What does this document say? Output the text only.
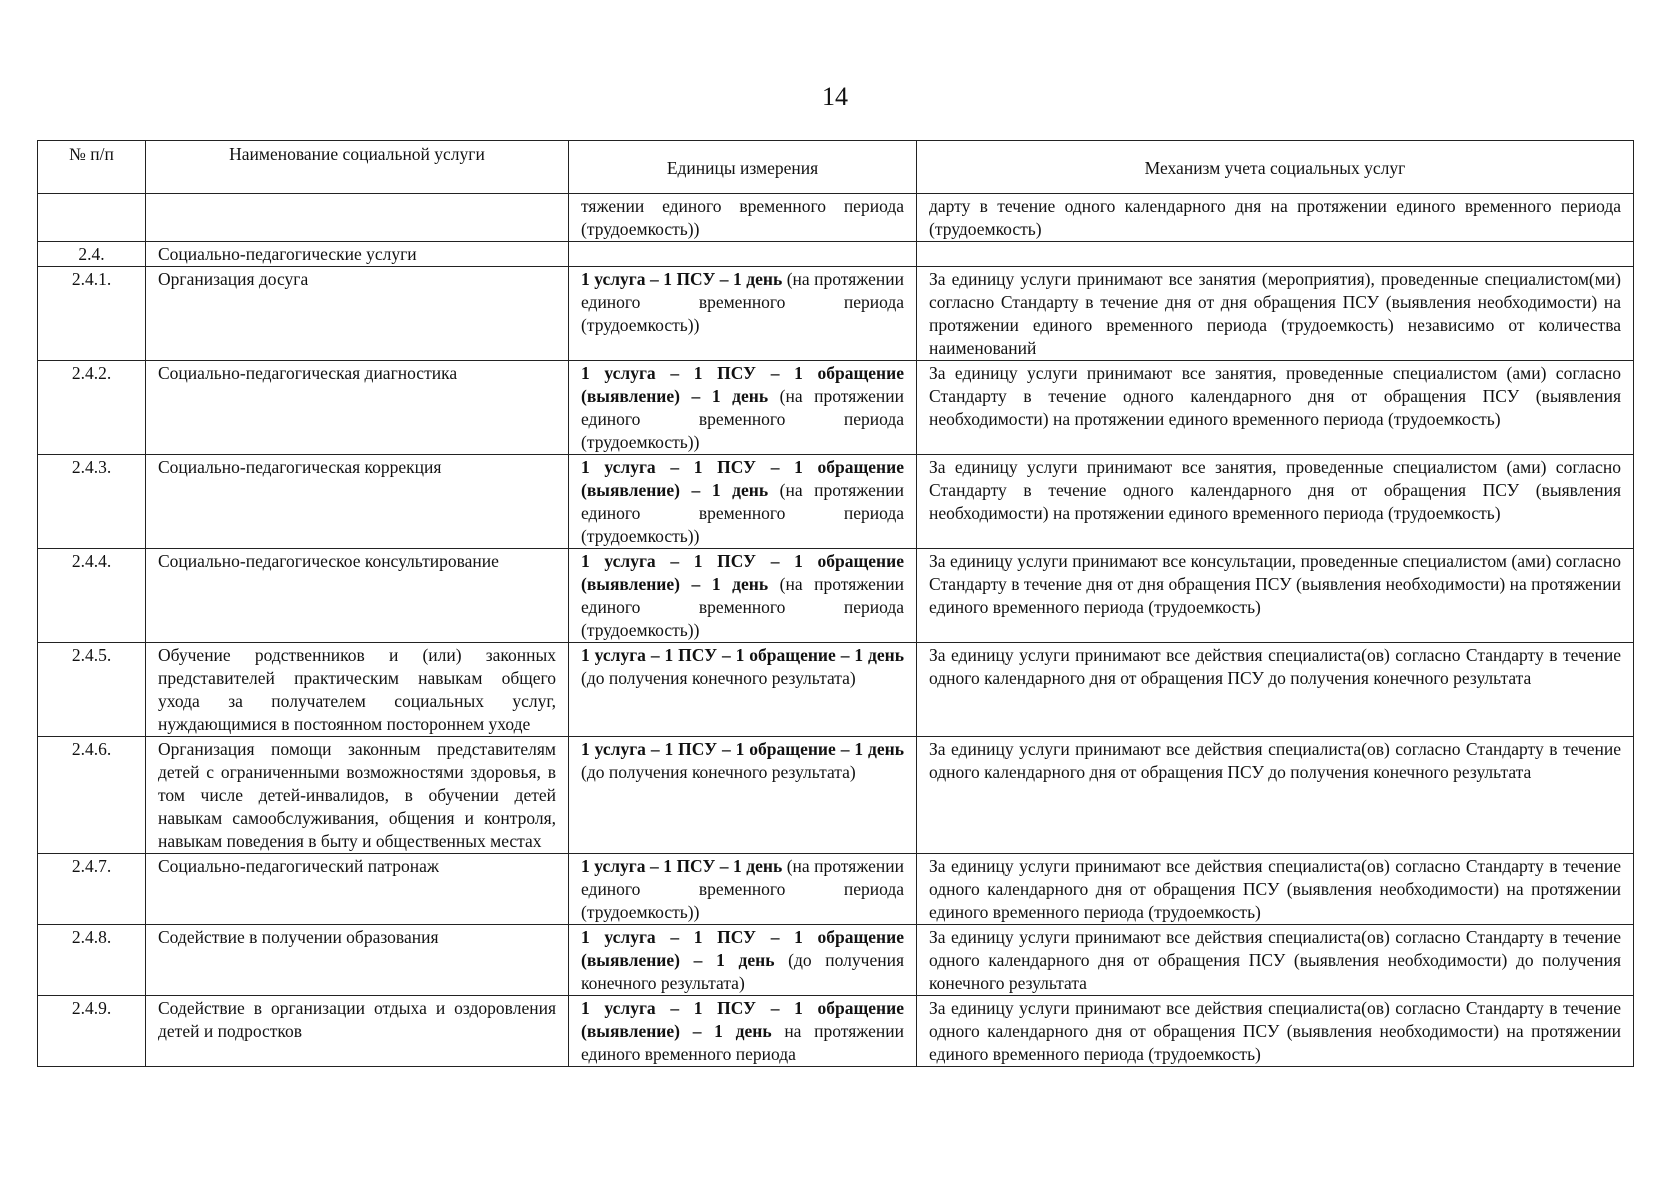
14
№ п/п	Наименование социальной услуги	Единицы измерения	Механизм учета социальных услуг
		тяжении единого временного периода (трудоемкость))	дарту в течение одного календарного дня на протяжении единого временного периода (трудоемкость)
2.4.	Социально-педагогические услуги		
2.4.1.	Организация досуга	1 услуга – 1 ПСУ – 1 день (на протяжении единого временного периода (трудоемкость))	За единицу услуги принимают все занятия (мероприятия), проведенные специалистом(ми) согласно Стандарту в течение дня от дня обращения ПСУ (выявления необходимости) на протяжении единого временного периода (трудоемкость) независимо от количества наименований
2.4.2.	Социально-педагогическая диагностика	1 услуга – 1 ПСУ – 1 обращение (выявление) – 1 день (на протяжении единого временного периода (трудоемкость))	За единицу услуги принимают все занятия, проведенные специалистом (ами) согласно Стандарту в течение одного календарного дня от обращения ПСУ (выявления необходимости) на протяжении единого временного периода (трудоемкость)
2.4.3.	Социально-педагогическая коррекция	1 услуга – 1 ПСУ – 1 обращение (выявление) – 1 день (на протяжении единого временного периода (трудоемкость))	За единицу услуги принимают все занятия, проведенные специалистом (ами) согласно Стандарту в течение одного календарного дня от обращения ПСУ (выявления необходимости) на протяжении единого временного периода (трудоемкость)
2.4.4.	Социально-педагогическое консультирование	1 услуга – 1 ПСУ – 1 обращение (выявление) – 1 день (на протяжении единого временного периода (трудоемкость))	За единицу услуги принимают все консультации, проведенные специалистом (ами) согласно Стандарту в течение дня от дня обращения ПСУ (выявления необходимости) на протяжении единого временного периода (трудоемкость)
2.4.5.	Обучение родственников и (или) законных представителей практическим навыкам общего ухода за получателем социальных услуг, нуждающимися в постоянном постороннем уходе	1 услуга – 1 ПСУ – 1 обращение – 1 день (до получения конечного результата)	За единицу услуги принимают все действия специалиста(ов) согласно Стандарту в течение одного календарного дня от обращения ПСУ до получения конечного результата
2.4.6.	Организация помощи законным представителям детей с ограниченными возможностями здоровья, в том числе детей-инвалидов, в обучении детей навыкам самообслуживания, общения и контроля, навыкам поведения в быту и общественных местах	1 услуга – 1 ПСУ – 1 обращение – 1 день (до получения конечного результата)	За единицу услуги принимают все действия специалиста(ов) согласно Стандарту в течение одного календарного дня от обращения ПСУ до получения конечного результата
2.4.7.	Социально-педагогический патронаж	1 услуга – 1 ПСУ – 1 день (на протяжении единого временного периода (трудоемкость))	За единицу услуги принимают все действия специалиста(ов) согласно Стандарту в течение одного календарного дня от обращения ПСУ (выявления необходимости) на протяжении единого временного периода (трудоемкость)
2.4.8.	Содействие в получении образования	1 услуга – 1 ПСУ – 1 обращение (выявление) – 1 день (до получения конечного результата)	За единицу услуги принимают все действия специалиста(ов) согласно Стандарту в течение одного календарного дня от обращения ПСУ (выявления необходимости) до получения конечного результата
2.4.9.	Содействие в организации отдыха и оздоровления детей и подростков	1 услуга – 1 ПСУ – 1 обращение (выявление) – 1 день на протяжении единого временного периода	За единицу услуги принимают все действия специалиста(ов) согласно Стандарту в течение одного календарного дня от обращения ПСУ (выявления необходимости) на протяжении единого временного периода (трудоемкость)
